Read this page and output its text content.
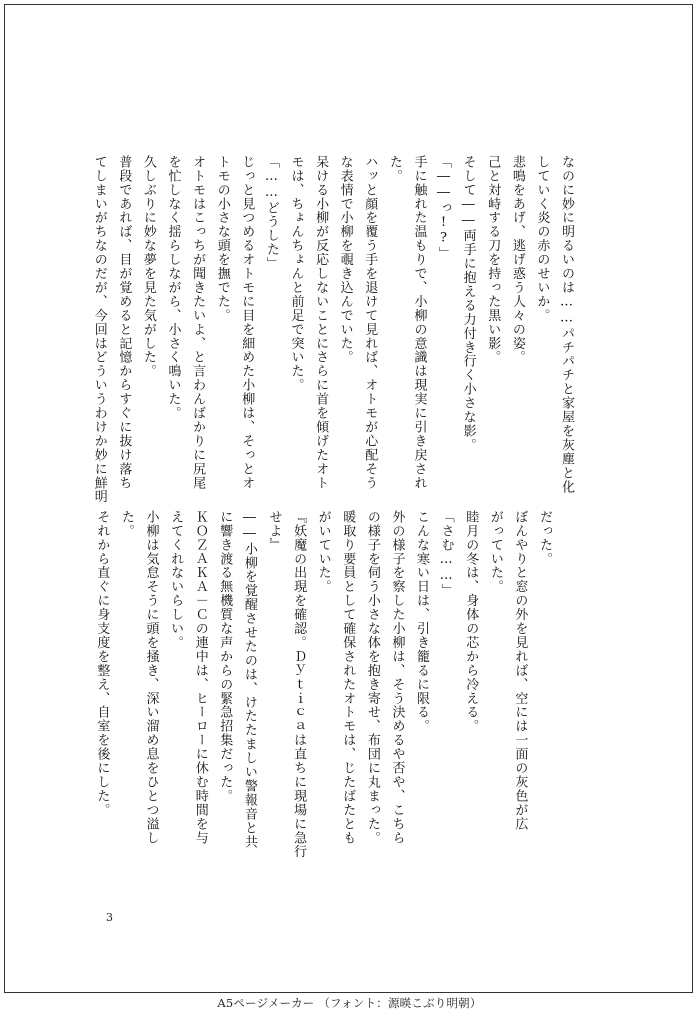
なのに妙に明るいのは……パチパチと家屋を灰塵と化
していく炎の赤のせいか。
悲鳴をあげ、逃げ惑う人々の姿。
己と対峙する刀を持った黒い影。
そして――両手に抱える力付き行く小さな影。
「――っ!?」
手に触れた温もりで、小柳の意識は現実に引き戻され
た。
ハッと顔を覆う手を退けて見れば、オトモが心配そう
な表情で小柳を覗き込んでいた。
呆ける小柳が反応しないことにさらに首を傾げたオト
モは、ちょんちょんと前足で突いた。
「……どうした」
じっと見つめるオトモに目を細めた小柳は、そっとオ
トモの小さな頭を撫でた。
オトモはこっちが聞きたいよ、と言わんばかりに尻尾
を忙しなく揺らしながら、小さく鳴いた。
久しぶりに妙な夢を見た気がした。
普段であれば、目が覚めると記憶からすぐに抜け落ち
てしまいがちなのだが、今回はどういうわけか妙に鮮明
だった。
ぼんやりと窓の外を見れば、空には一面の灰色が広
がっていた。
睦月の冬は、身体の芯から冷える。
「さむ……」
こんな寒い日は、引き籠るに限る。
外の様子を察した小柳は、そう決めるや否や、こちら
の様子を伺う小さな体を抱き寄せ、布団に丸まった。
暖取り要員として確保されたオトモは、じたばたとも
がいていた。
『妖魔の出現を確認。Ｄｙｔｉｃａは直ちに現場に急行
せよ』
――小柳を覚醒させたのは、けたたましい警報音と共
に響き渡る無機質な声からの緊急招集だった。
ＫＯＺＡＫＡ－Ｃの連中は、ヒーローに休む時間を与
えてくれないらしい。
小柳は気怠そうに頭を掻き、深い溜め息をひとつ溢し
た。
それから直ぐに身支度を整え、自室を後にした。
3
A5ページメーカー （フォント：源暎こぶり明朝）
